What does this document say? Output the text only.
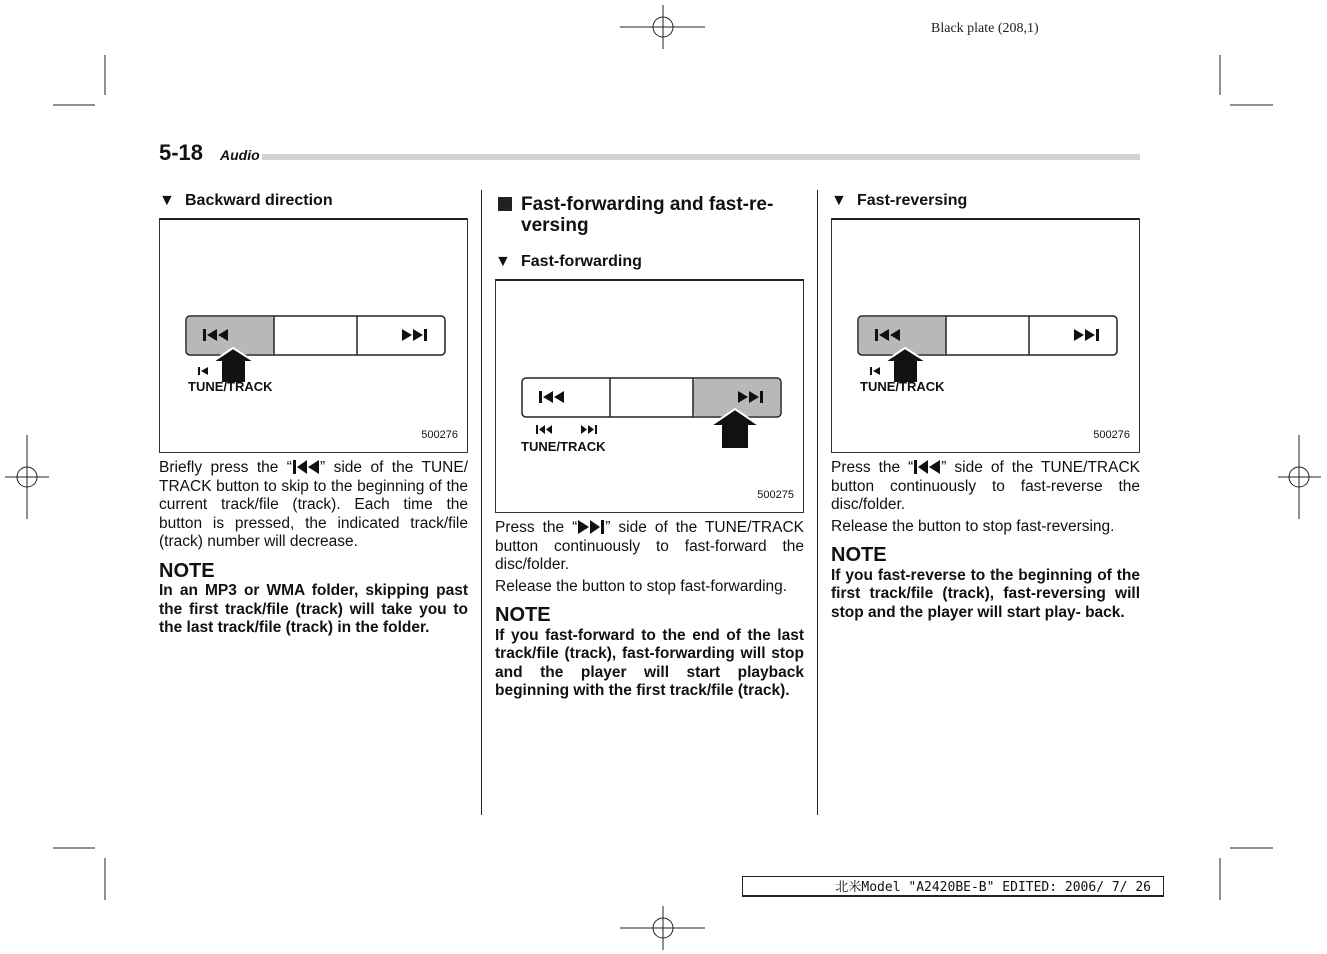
Black plate (208,1)
5-18 Audio
▼ Backward direction
TUNE/TRACK
500276

Briefly press the “ ” side of the TUNE/ TRACK button to skip to the beginning of the current track/file (track). Each time the button is pressed, the indicated track/file (track) number will decrease.

NOTE
In an MP3 or WMA folder, skipping past the first track/file (track) will take you to the last track/file (track) in the folder.
Fast-forwarding and fast-re- versing
▼ Fast-forwarding
TUNE/TRACK
500275

Press the “ ” side of the TUNE/TRACK button continuously to fast-forward the disc/folder.

Release the button to stop fast-forwarding.

NOTE
If you fast-forward to the end of the last track/file (track), fast-forwarding will stop and the player will start playback beginning with the first track/file (track).
▼ Fast-reversing
TUNE/TRACK
500276

Press the “ ” side of the TUNE/TRACK button continuously to fast-reverse the disc/folder.

Release the button to stop fast-reversing.

NOTE
If you fast-reverse to the beginning of the first track/file (track), fast-reversing will stop and the player will start play- back.
北米Model "A2420BE-B" EDITED: 2006/ 7/ 26
